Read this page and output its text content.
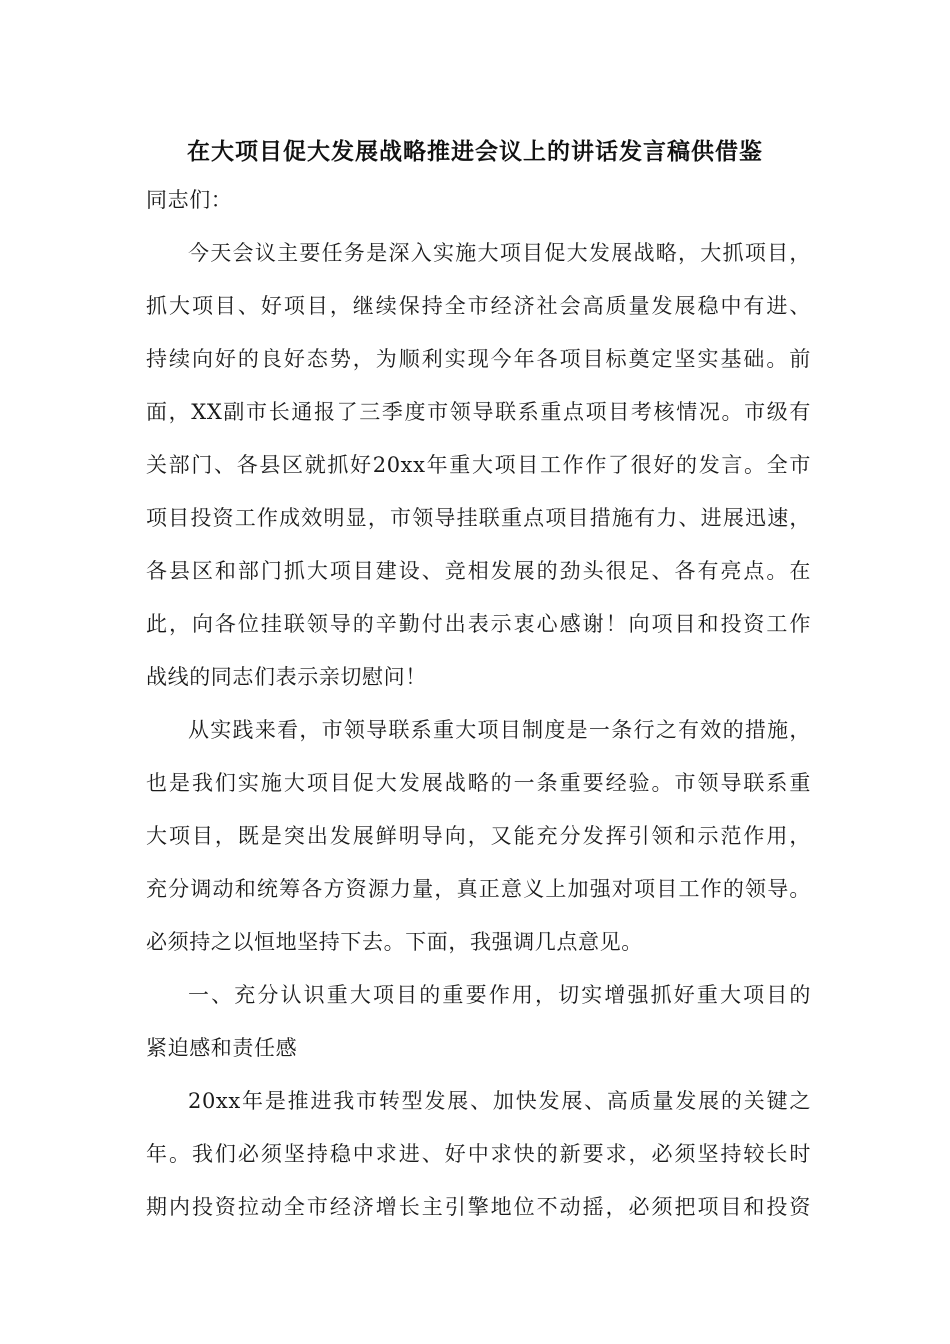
在大项目促大发展战略推进会议上的讲话发言稿供借鉴
同志们：
今天会议主要任务是深入实施大项目促大发展战略，大抓项目，
抓大项目、好项目，继续保持全市经济社会高质量发展稳中有进、
持续向好的良好态势，为顺利实现今年各项目标奠定坚实基础。前
面，XX副市长通报了三季度市领导联系重点项目考核情况。市级有
关部门、各县区就抓好20xx年重大项目工作作了很好的发言。全市
项目投资工作成效明显，市领导挂联重点项目措施有力、进展迅速，
各县区和部门抓大项目建设、竞相发展的劲头很足、各有亮点。在
此，向各位挂联领导的辛勤付出表示衷心感谢！向项目和投资工作
战线的同志们表示亲切慰问！
从实践来看，市领导联系重大项目制度是一条行之有效的措施，
也是我们实施大项目促大发展战略的一条重要经验。市领导联系重
大项目，既是突出发展鲜明导向，又能充分发挥引领和示范作用，
充分调动和统筹各方资源力量，真正意义上加强对项目工作的领导。
必须持之以恒地坚持下去。下面，我强调几点意见。
一、充分认识重大项目的重要作用，切实增强抓好重大项目的
紧迫感和责任感
20xx年是推进我市转型发展、加快发展、高质量发展的关键之
年。我们必须坚持稳中求进、好中求快的新要求，必须坚持较长时
期内投资拉动全市经济增长主引擎地位不动摇，必须把项目和投资
